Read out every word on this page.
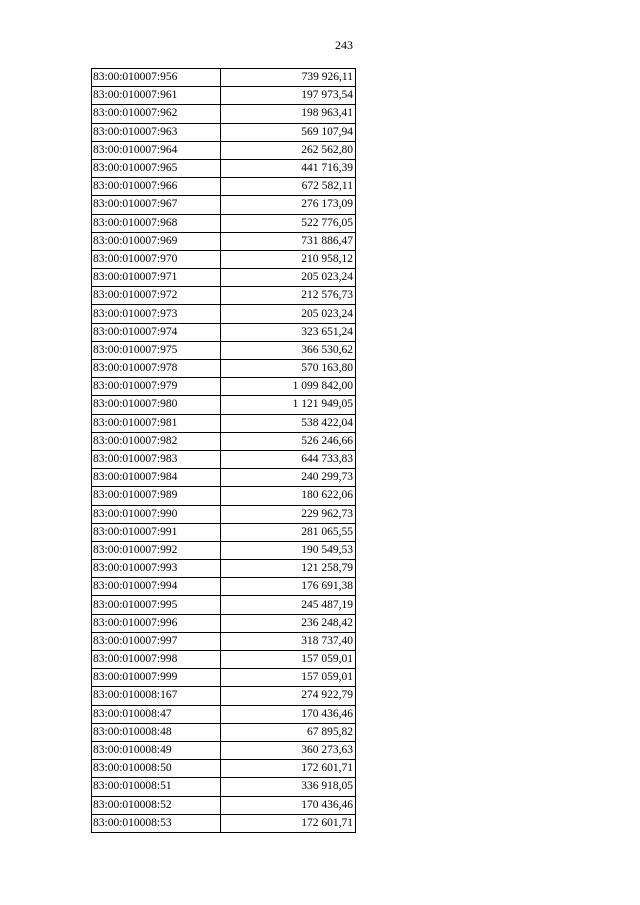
243
83:00:010007:956	739 926,11
83:00:010007:961	197 973,54
83:00:010007:962	198 963,41
83:00:010007:963	569 107,94
83:00:010007:964	262 562,80
83:00:010007:965	441 716,39
83:00:010007:966	672 582,11
83:00:010007:967	276 173,09
83:00:010007:968	522 776,05
83:00:010007:969	731 886,47
83:00:010007:970	210 958,12
83:00:010007:971	205 023,24
83:00:010007:972	212 576,73
83:00:010007:973	205 023,24
83:00:010007:974	323 651,24
83:00:010007:975	366 530,62
83:00:010007:978	570 163,80
83:00:010007:979	1 099 842,00
83:00:010007:980	1 121 949,05
83:00:010007:981	538 422,04
83:00:010007:982	526 246,66
83:00:010007:983	644 733,83
83:00:010007:984	240 299,73
83:00:010007:989	180 622,06
83:00:010007:990	229 962,73
83:00:010007:991	281 065,55
83:00:010007:992	190 549,53
83:00:010007:993	121 258,79
83:00:010007:994	176 691,38
83:00:010007:995	245 487,19
83:00:010007:996	236 248,42
83:00:010007:997	318 737,40
83:00:010007:998	157 059,01
83:00:010007:999	157 059,01
83:00:010008:167	274 922,79
83:00:010008:47	170 436,46
83:00:010008:48	67 895,82
83:00:010008:49	360 273,63
83:00:010008:50	172 601,71
83:00:010008:51	336 918,05
83:00:010008:52	170 436,46
83:00:010008:53	172 601,71
